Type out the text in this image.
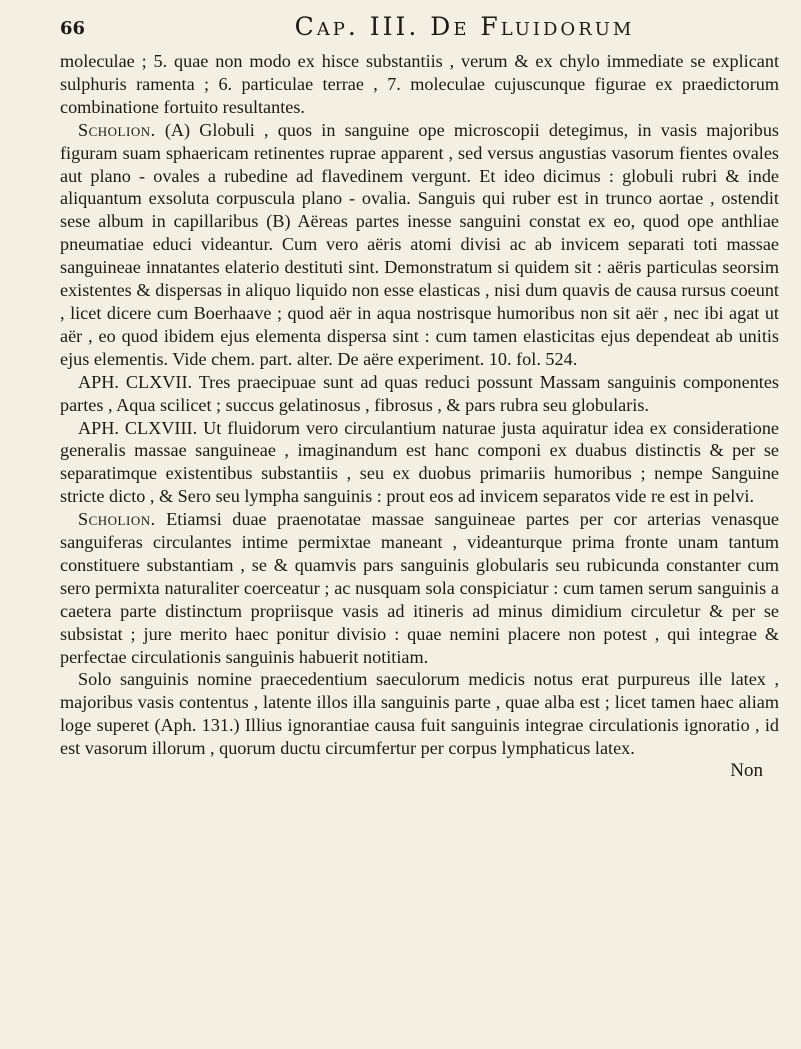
66	Cap. III. De Fluidorum

moleculae ; 5. quae non modo ex hisce substantiis , verum & ex chylo immediate se explicant sulphuris ramenta ; 6. particulae terrae , 7. moleculae cujuscunque figurae ex praedictorum combinatione fortuito resultantes.

Scholion. (A) Globuli , quos in sanguine ope microscopii detegimus, in vasis majoribus figuram suam sphaericam retinentes ruprae apparent , sed versus angustias vasorum fientes ovales aut plano - ovales a rubedine ad flavedinem vergunt. Et ideo dicimus : globuli rubri & inde aliquantum exsoluta corpuscula plano - ovalia. Sanguis qui ruber est in trunco aortae , ostendit sese album in capillaribus (B) Aëreas partes inesse sanguini constat ex eo, quod ope anthliae pneumatiae educi videantur. Cum vero aëris atomi divisi ac ab invicem separati toti massae sanguineae innatantes elaterio destituti sint. Demonstratum si quidem sit : aëris particulas seorsim existentes & dispersas in aliquo liquido non esse elasticas , nisi dum quavis de causa rursus coeunt , licet dicere cum Boerhaave ; quod aër in aqua nostrisque humoribus non sit aër , nec ibi agat ut aër , eo quod ibidem ejus elementa dispersa sint : cum tamen elasticitas ejus dependeat ab unitis ejus elementis. Vide chem. part. alter. De aëre experiment. 10. fol. 524.

APH. CLXVII. Tres praecipuae sunt ad quas reduci possunt Massam sanguinis componentes partes , Aqua scilicet ; succus gelatinosus , fibrosus , & pars rubra seu globularis.

APH. CLXVIII. Ut fluidorum vero circulantium naturae justa aquiratur idea ex consideratione generalis massae sanguineae , imaginandum est hanc componi ex duabus distinctis & per se separatimque existentibus substantiis , seu ex duobus primariis humoribus ; nempe Sanguine stricte dicto , & Sero seu lympha sanguinis : prout eos ad invicem separatos vide re est in pelvi.

Scholion. Etiamsi duae praenotatae massae sanguineae partes per cor arterias venasque sanguiferas circulantes intime permixtae maneant , videanturque prima fronte unam tantum constituere substantiam , se & quamvis pars sanguinis globularis seu rubicunda constanter cum sero permixta naturaliter coerceatur ; ac nusquam sola conspiciatur : cum tamen serum sanguinis a caetera parte distinctum propriisque vasis ad itineris ad minus dimidium circuletur & per se subsistat ; jure merito haec ponitur divisio : quae nemini placere non potest , qui integrae & perfectae circulationis sanguinis habuerit notitiam.

Solo sanguinis nomine praecedentium saeculorum medicis notus erat purpureus ille latex , majoribus vasis contentus , latente illos illa sanguinis parte , quae alba est ; licet tamen haec aliam loge superet (Aph. 131.) Illius ignorantiae causa fuit sanguinis integrae circulationis ignoratio , id est vasorum illorum , quorum ductu circumfertur per corpus lymphaticus latex.

Non
